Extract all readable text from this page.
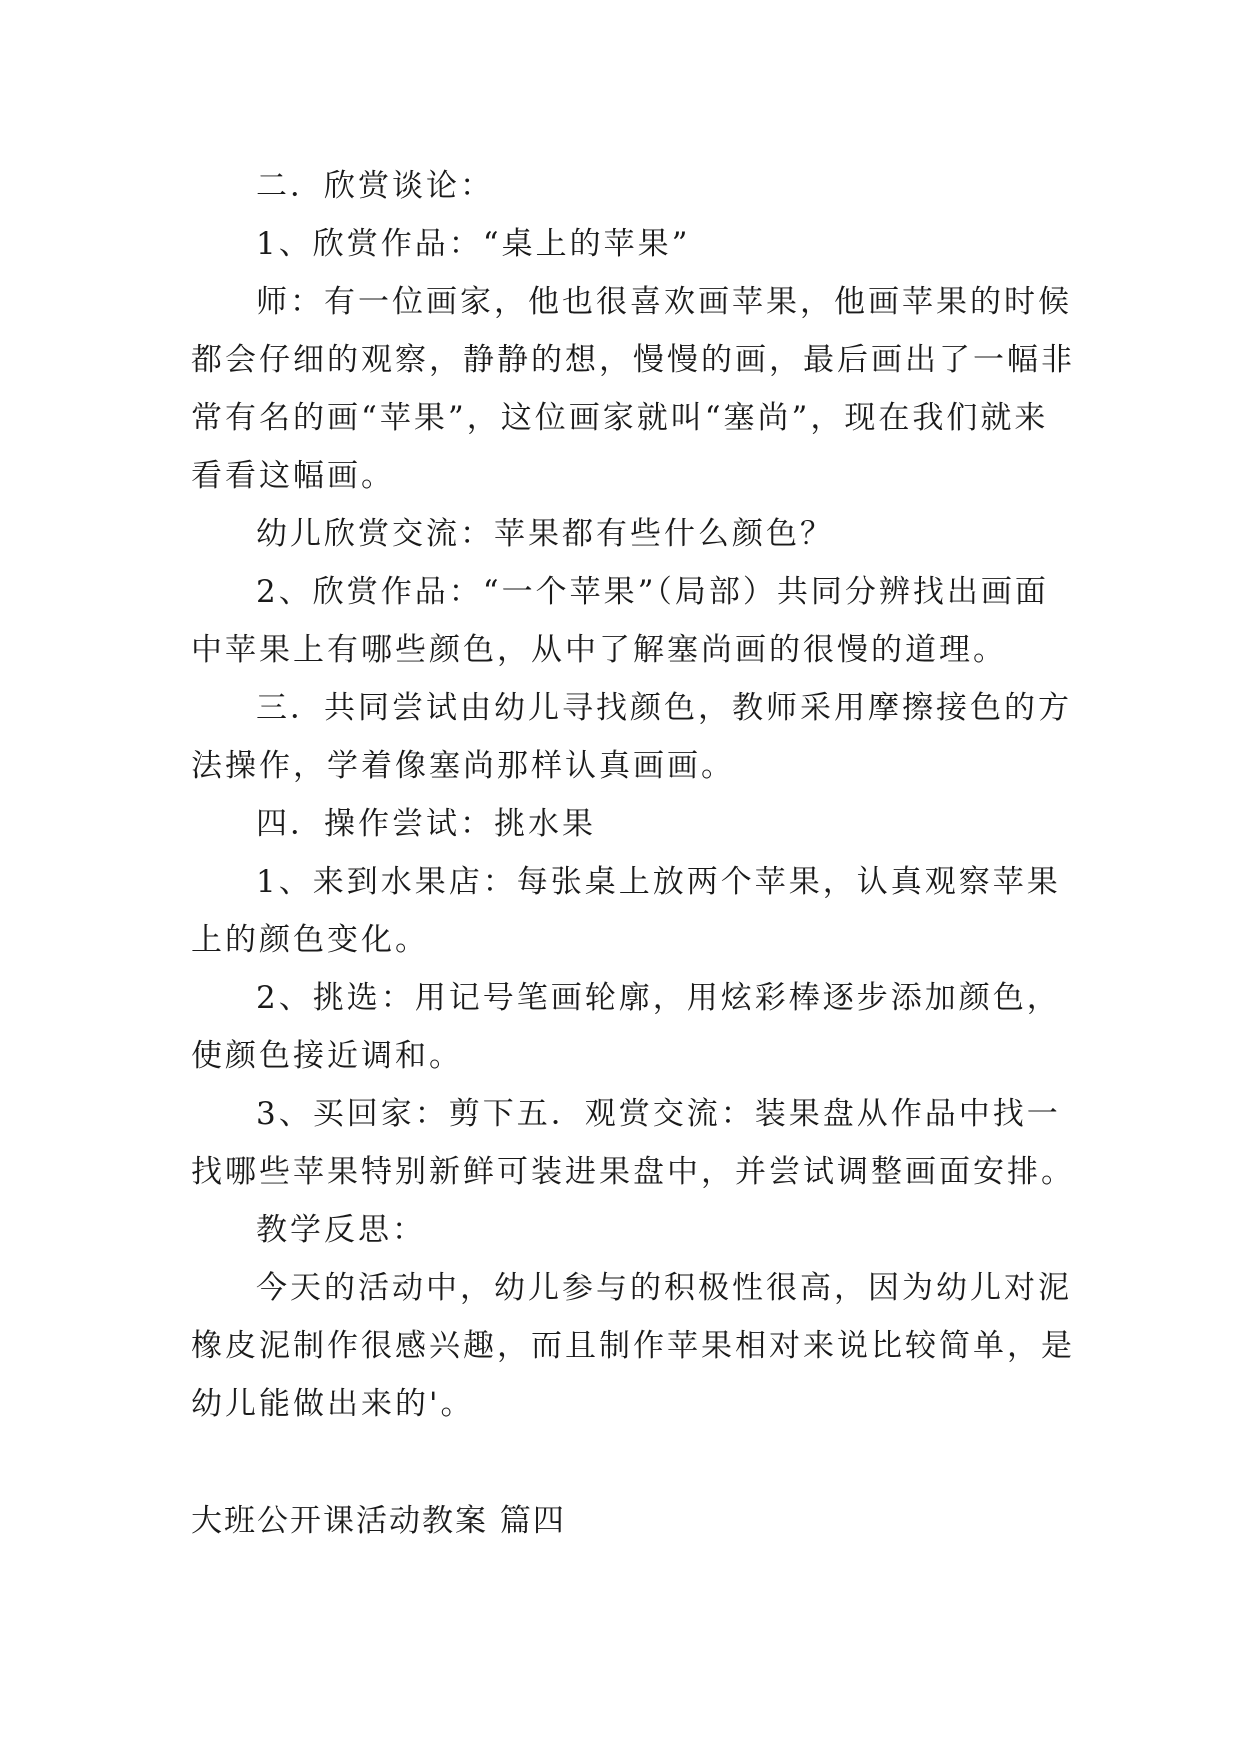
二．欣赏谈论：
1、欣赏作品：“桌上的苹果”
师：有一位画家，他也很喜欢画苹果，他画苹果的时候
都会仔细的观察，静静的想，慢慢的画，最后画出了一幅非
常有名的画“苹果”，这位画家就叫“塞尚”，现在我们就来
看看这幅画。
幼儿欣赏交流：苹果都有些什么颜色？
2、欣赏作品：“一个苹果”（局部）共同分辨找出画面
中苹果上有哪些颜色，从中了解塞尚画的很慢的道理。
三．共同尝试由幼儿寻找颜色，教师采用摩擦接色的方
法操作，学着像塞尚那样认真画画。
四．操作尝试：挑水果
1、来到水果店：每张桌上放两个苹果，认真观察苹果
上的颜色变化。
2、挑选：用记号笔画轮廓，用炫彩棒逐步添加颜色，
使颜色接近调和。
3、买回家：剪下五．观赏交流：装果盘从作品中找一
找哪些苹果特别新鲜可装进果盘中，并尝试调整画面安排。
教学反思：
今天的活动中，幼儿参与的积极性很高，因为幼儿对泥
橡皮泥制作很感兴趣，而且制作苹果相对来说比较简单，是
幼儿能做出来的'。
大班公开课活动教案 篇四
